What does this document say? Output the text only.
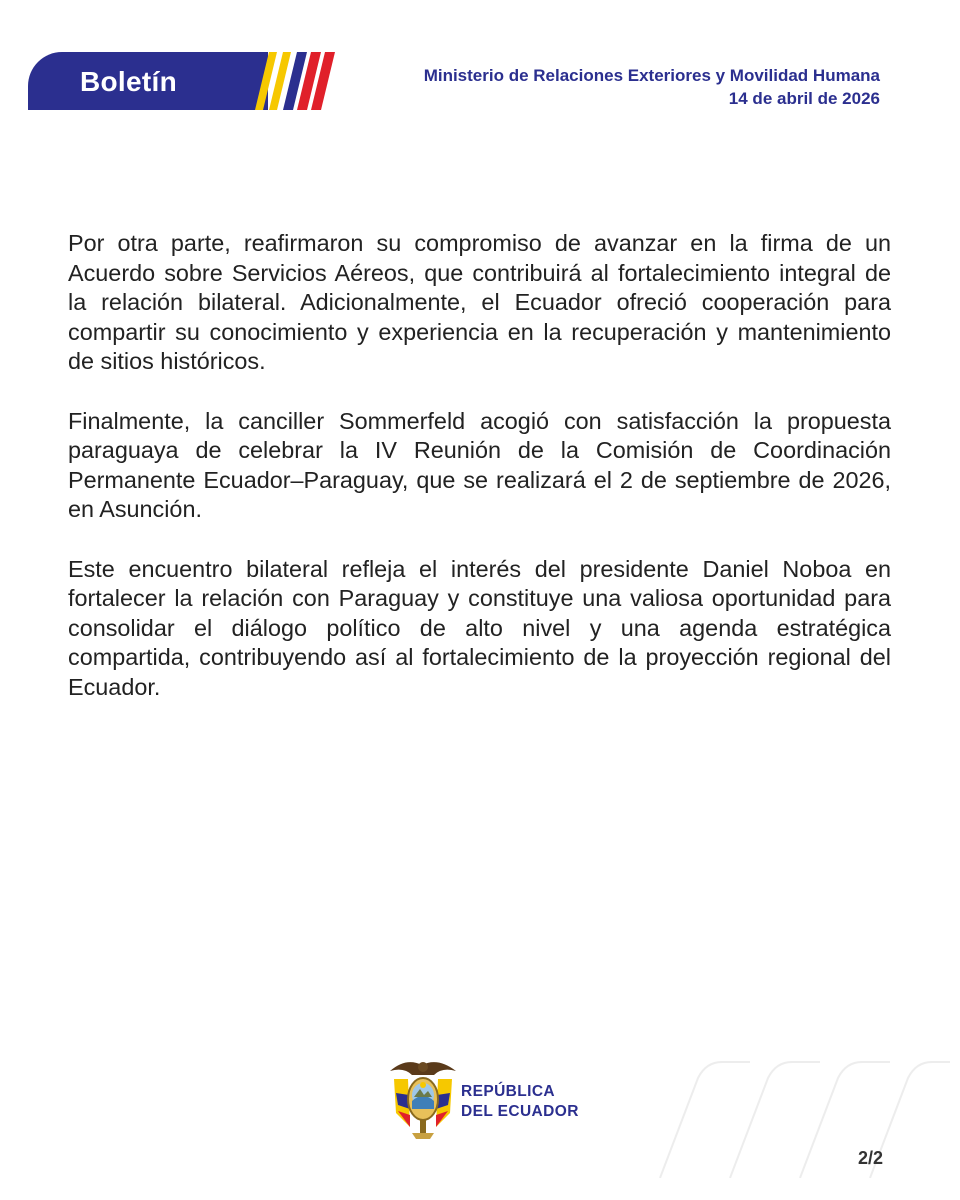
Boletín	Ministerio de Relaciones Exteriores y Movilidad Humana
14 de abril de 2026

Por otra parte, reafirmaron su compromiso de avanzar en la firma de un Acuerdo sobre Servicios Aéreos, que contribuirá al fortalecimiento integral de la relación bilateral. Adicionalmente, el Ecuador ofreció cooperación para compartir su conocimiento y experiencia en la recuperación y mantenimiento de sitios históricos.

Finalmente, la canciller Sommerfeld acogió con satisfacción la propuesta paraguaya de celebrar la IV Reunión de la Comisión de Coordinación Permanente Ecuador–Paraguay, que se realizará el 2 de septiembre de 2026, en Asunción.

Este encuentro bilateral refleja el interés del presidente Daniel Noboa en fortalecer la relación con Paraguay y constituye una valiosa oportunidad para consolidar el diálogo político de alto nivel y una agenda estratégica compartida, contribuyendo así al fortalecimiento de la proyección regional del Ecuador.

REPÚBLICA
DEL ECUADOR
2/2
